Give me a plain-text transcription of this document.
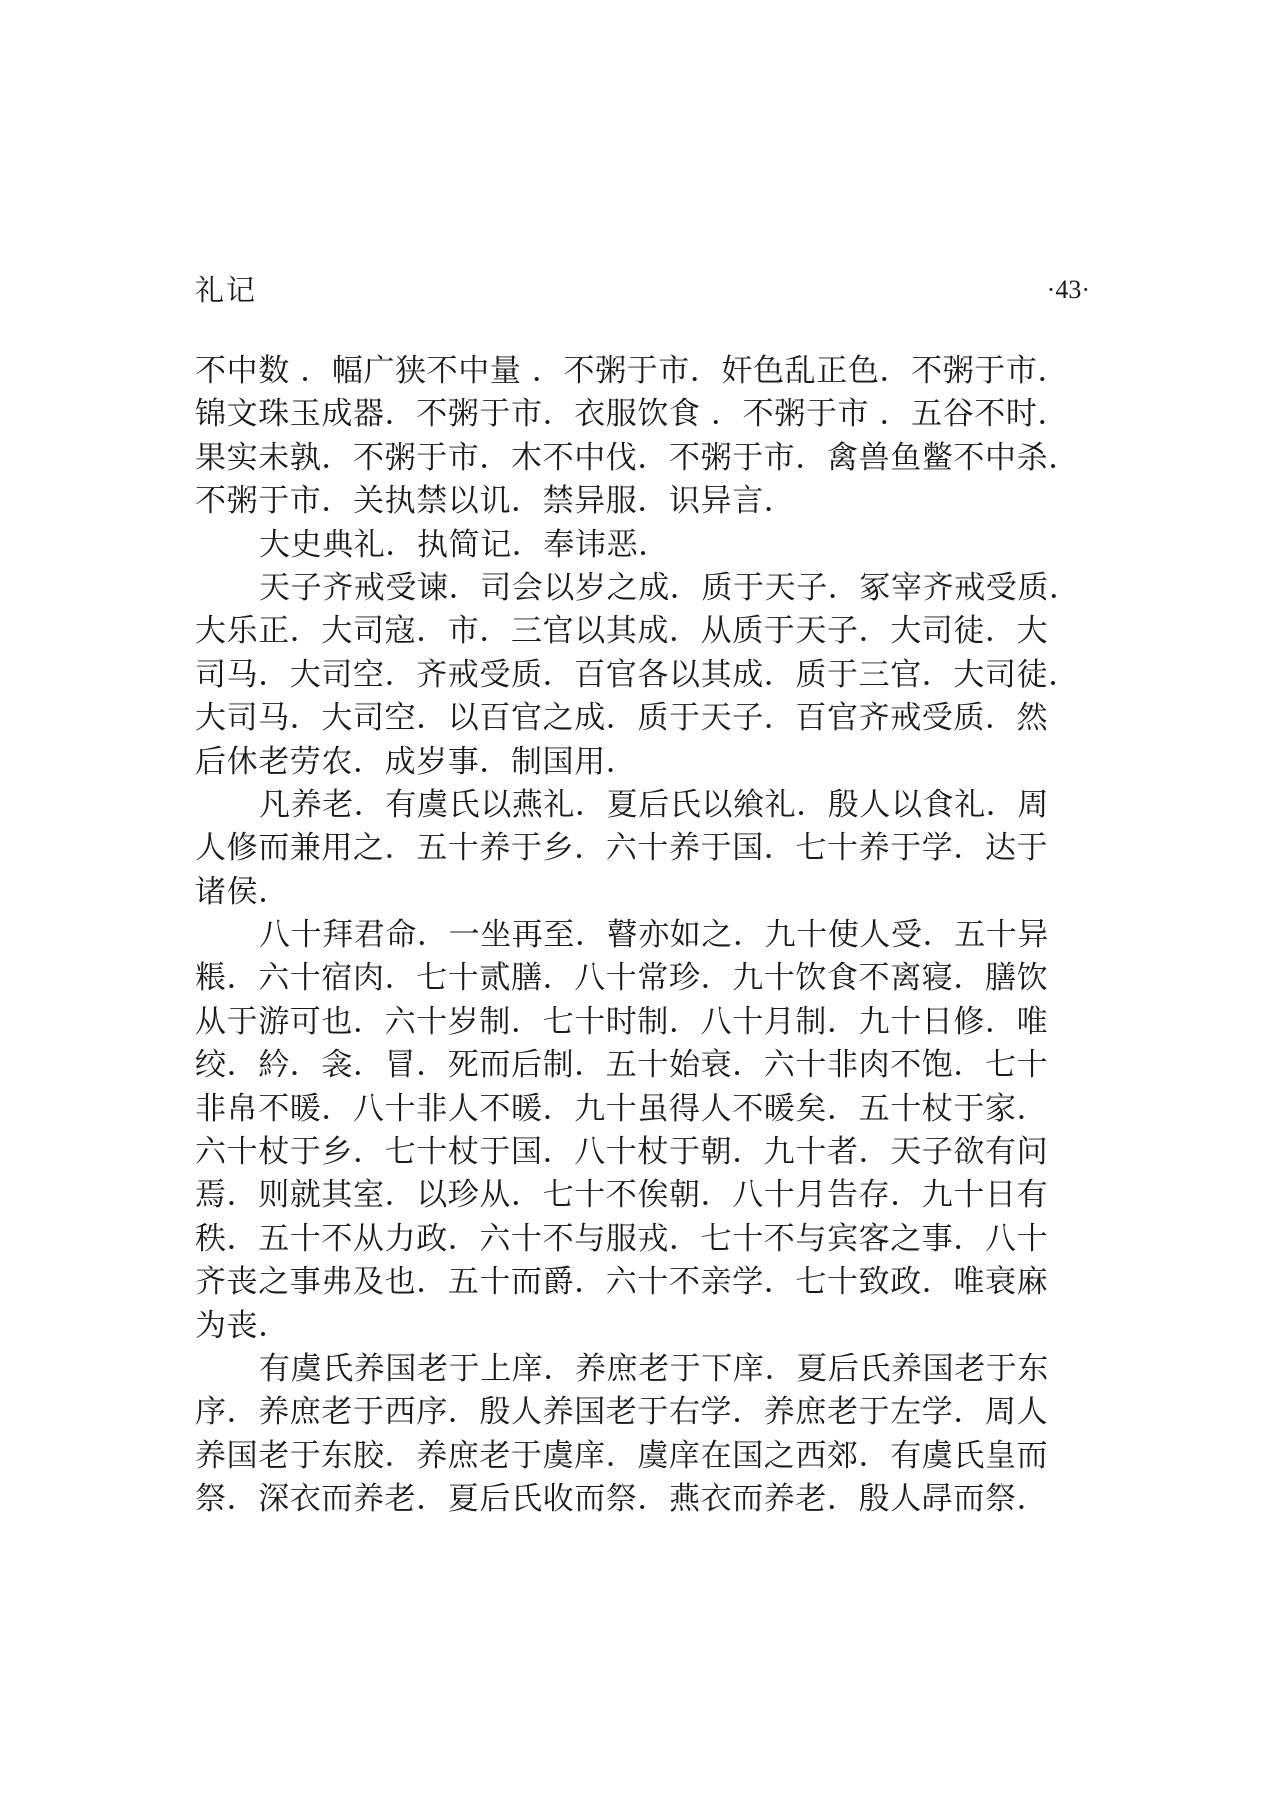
礼记	·43·
不中数 ．幅广狭不中量 ．不粥于市．奸色乱正色．不粥于市．
锦文珠玉成器．不粥于市．衣服饮食 ．不粥于市 ．五谷不时．
果实未孰．不粥于市．木不中伐．不粥于市．禽兽鱼鳖不中杀．
不粥于市．关执禁以讥．禁异服．识异言．
大史典礼．执简记．奉讳恶．
天子齐戒受谏．司会以岁之成．质于天子．冢宰齐戒受质．
大乐正．大司寇．市．三官以其成．从质于天子．大司徒．大
司马．大司空．齐戒受质．百官各以其成．质于三官．大司徒．
大司马．大司空．以百官之成．质于天子．百官齐戒受质．然
后休老劳农．成岁事．制国用．
凡养老．有虞氏以燕礼．夏后氏以飨礼．殷人以食礼．周
人修而兼用之．五十养于乡．六十养于国．七十养于学．达于
诸侯．
八十拜君命．一坐再至．瞽亦如之．九十使人受．五十异
粻．六十宿肉．七十贰膳．八十常珍．九十饮食不离寝．膳饮
从于游可也．六十岁制．七十时制．八十月制．九十日修．唯
绞．紟．衾．冒．死而后制．五十始衰．六十非肉不饱．七十
非帛不暖．八十非人不暖．九十虽得人不暖矣．五十杖于家．
六十杖于乡．七十杖于国．八十杖于朝．九十者．天子欲有问
焉．则就其室．以珍从．七十不俟朝．八十月告存．九十日有
秩．五十不从力政．六十不与服戎．七十不与宾客之事．八十
齐丧之事弗及也．五十而爵．六十不亲学．七十致政．唯衰麻
为丧．
有虞氏养国老于上庠．养庶老于下庠．夏后氏养国老于东
序．养庶老于西序．殷人养国老于右学．养庶老于左学．周人
养国老于东胶．养庶老于虞庠．虞庠在国之西郊．有虞氏皇而
祭．深衣而养老．夏后氏收而祭．燕衣而养老．殷人冔而祭．
